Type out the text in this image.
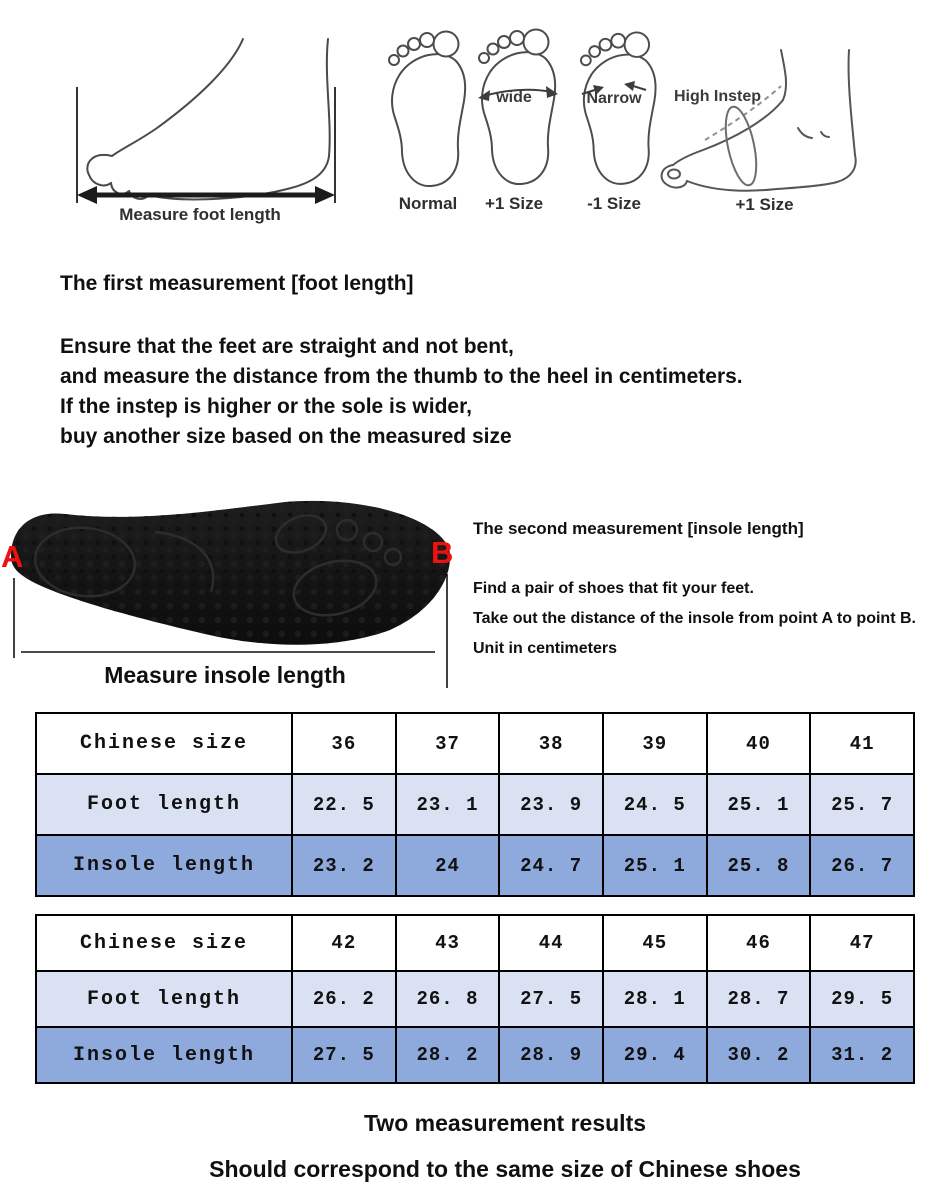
Measure foot length
wide	Narrow
Normal	+1 Size	-1 Size
High Instep
+1 Size
The first measurement [foot length]
Ensure that the feet are straight and not bent,
and measure the distance from the thumb to the heel in centimeters.
If the instep is higher or the sole is wider,
buy another size based on the measured size
A	B
Measure insole length
The second measurement [insole length]
Find a pair of shoes that fit your feet.
Take out the distance of the insole from point A to point B.
Unit in centimeters
Chinese size	36	37	38	39	40	41
Foot length	22. 5	23. 1	23. 9	24. 5	25. 1	25. 7
Insole length	23. 2	24	24. 7	25. 1	25. 8	26. 7
Chinese size	42	43	44	45	46	47
Foot length	26. 2	26. 8	27. 5	28. 1	28. 7	29. 5
Insole length	27. 5	28. 2	28. 9	29. 4	30. 2	31. 2
Two measurement results
Should correspond to the same size of Chinese shoes
